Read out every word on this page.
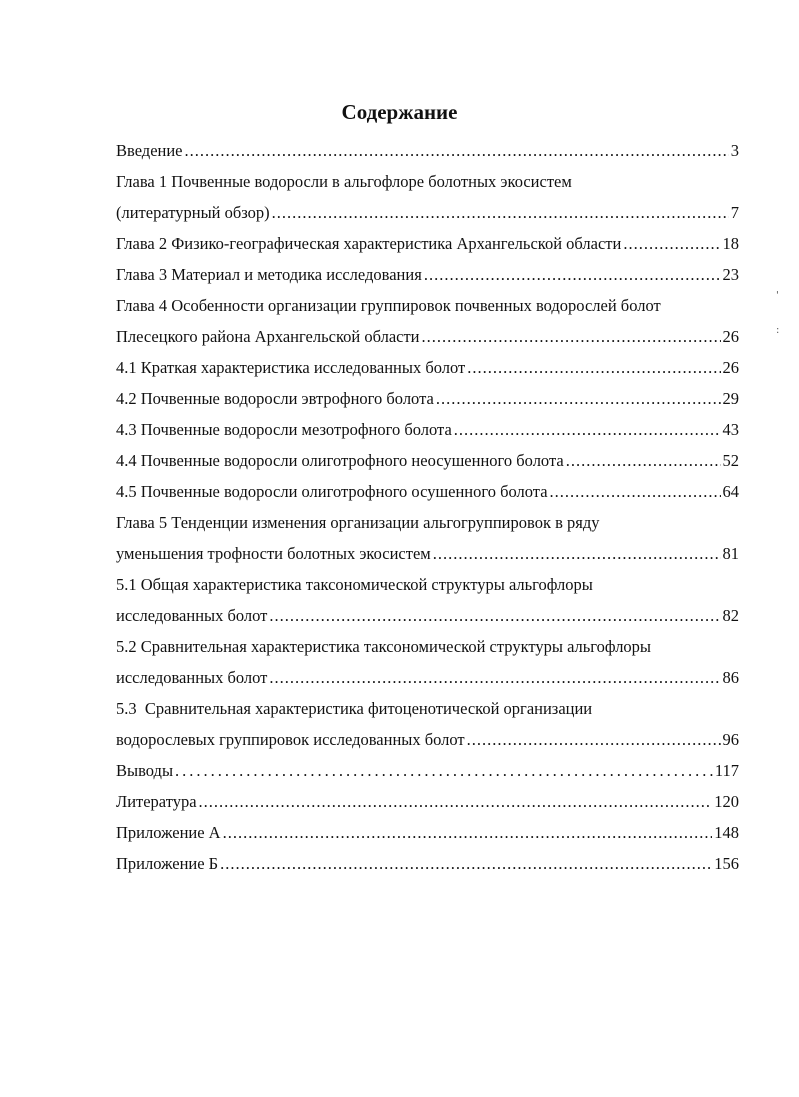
Содержание
Введение .....	3
Глава 1 Почвенные водоросли в альгофлоре болотных экосистем
(литературный обзор) .....	7
Глава 2 Физико-географическая характеристика Архангельской области .....	18
Глава 3 Материал и методика исследования .....	23
Глава 4 Особенности организации группировок почвенных водорослей болот
Плесецкого района Архангельской области .....	26
4.1 Краткая характеристика исследованных болот .....	26
4.2 Почвенные водоросли эвтрофного болота .....	29
4.3 Почвенные водоросли мезотрофного болота .....	43
4.4 Почвенные водоросли олиготрофного неосушенного болота .....	52
4.5 Почвенные водоросли олиготрофного осушенного болота .....	64
Глава 5 Тенденции изменения организации альгогруппировок в ряду
уменьшения трофности болотных экосистем .....	81
5.1 Общая характеристика таксономической структуры альгофлоры
исследованных болот .....	82
5.2 Сравнительная характеристика таксономической структуры альгофлоры
исследованных болот .....	86
5.3  Сравнительная характеристика фитоценотической организации
водорослевых группировок исследованных болот .....	96
Выводы .....	117
Литература .....	120
Приложение А .....	148
Приложение Б .....	156
'
:
